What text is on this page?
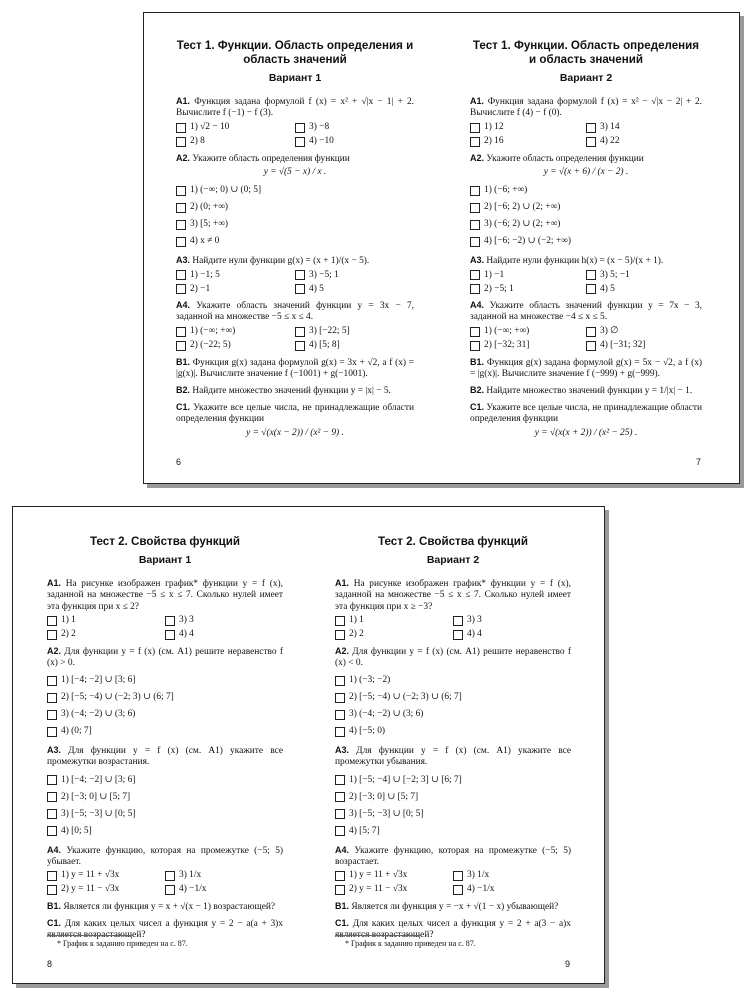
Тест 1. Функции. Область определения и область значений
Вариант 1
А1. Функция задана формулой f (x) = x² + √|x − 1| + 2. Вычислите f (−1) − f (3).
1) √2 − 10	3) −8
2) 8	4) −10
А2. Укажите область определения функции
y = √(5 − x) / x .
1) (−∞; 0) ∪ (0; 5]
2) (0; +∞)
3) [5; +∞)
4) x ≠ 0
А3. Найдите нули функции g(x) = (x + 1)/(x − 5).
1) −1; 5	3) −5; 1
2) −1	4) 5
А4. Укажите область значений функции y = 3x − 7, заданной на множестве −5 ≤ x ≤ 4.
1) (−∞; +∞)	3) [−22; 5]
2) (−22; 5)	4) [5; 8]
В1. Функция g(x) задана формулой g(x) = 3x + √2, а f (x) = |g(x)|. Вычислите значение f (−1001) + g(−1001).
В2. Найдите множество значений функции y = |x| − 5.
С1. Укажите все целые числа, не принадлежащие области определения функции
y = √(x(x − 2)) / (x² − 9) .
Тест 1. Функции. Область определения и область значений
Вариант 2
А1. Функция задана формулой f (x) = x² − √|x − 2| + 2. Вычислите f (4) − f (0).
1) 12	3) 14
2) 16	4) 22
А2. Укажите область определения функции
y = √(x + 6) / (x − 2) .
1) (−6; +∞)
2) [−6; 2) ∪ (2; +∞)
3) (−6; 2) ∪ (2; +∞)
4) [−6; −2) ∪ (−2; +∞)
А3. Найдите нули функции h(x) = (x − 5)/(x + 1).
1) −1	3) 5; −1
2) −5; 1	4) 5
А4. Укажите область значений функции y = 7x − 3, заданной на множестве −4 ≤ x ≤ 5.
1) (−∞; +∞)	3) ∅
2) [−32; 31]	4) [−31; 32]
В1. Функция g(x) задана формулой g(x) = 5x − √2, а f (x) = |g(x)|. Вычислите значение f (−999) + g(−999).
В2. Найдите множество значений функции y = 1/|x| − 1.
С1. Укажите все целые числа, не принадлежащие области определения функции
y = √(x(x + 2)) / (x² − 25) .
6	7
Тест 2. Свойства функций
Вариант 1
А1. На рисунке изображен график* функции y = f (x), заданной на множестве −5 ≤ x ≤ 7. Сколько нулей имеет эта функция при x ≤ 2?
1) 1	3) 3
2) 2	4) 4
А2. Для функции y = f (x) (см. А1) решите неравенство f (x) > 0.
1) [−4; −2] ∪ [3; 6]
2) [−5; −4) ∪ (−2; 3) ∪ (6; 7]
3) (−4; −2) ∪ (3; 6)
4) (0; 7]
А3. Для функции y = f (x) (см. А1) укажите все промежутки возрастания.
1) [−4; −2] ∪ [3; 6]
2) [−3; 0] ∪ [5; 7]
3) [−5; −3] ∪ [0; 5]
4) [0; 5]
А4. Укажите функцию, которая на промежутке (−5; 5) убывает.
1) y = 11 + √3x	3) 1/x
2) y = 11 − √3x	4) −1/x
В1. Является ли функция y = x + √(x − 1) возрастающей?
С1. Для каких целых чисел a функция y = 2 − a(a + 3)x является возрастающей?
Тест 2. Свойства функций
Вариант 2
А1. На рисунке изображен график* функции y = f (x), заданной на множестве −5 ≤ x ≤ 7. Сколько нулей имеет эта функция при x ≥ −3?
1) 1	3) 3
2) 2	4) 4
А2. Для функции y = f (x) (см. А1) решите неравенство f (x) < 0.
1) (−3; −2)
2) [−5; −4) ∪ (−2; 3) ∪ (6; 7]
3) (−4; −2) ∪ (3; 6)
4) [−5; 0)
А3. Для функции y = f (x) (см. А1) укажите все промежутки убывания.
1) [−5; −4] ∪ [−2; 3] ∪ [6; 7]
2) [−3; 0] ∪ [5; 7]
3) [−5; −3] ∪ [0; 5]
4) [5; 7]
А4. Укажите функцию, которая на промежутке (−5; 5) возрастает.
1) y = 11 + √3x	3) 1/x
2) y = 11 − √3x	4) −1/x
В1. Является ли функция y = −x + √(1 − x) убывающей?
С1. Для каких целых чисел a функция y = 2 + a(3 − a)x является возрастающей?
* График к заданию приведен на с. 87.	* График к заданию приведен на с. 87.
8	9
